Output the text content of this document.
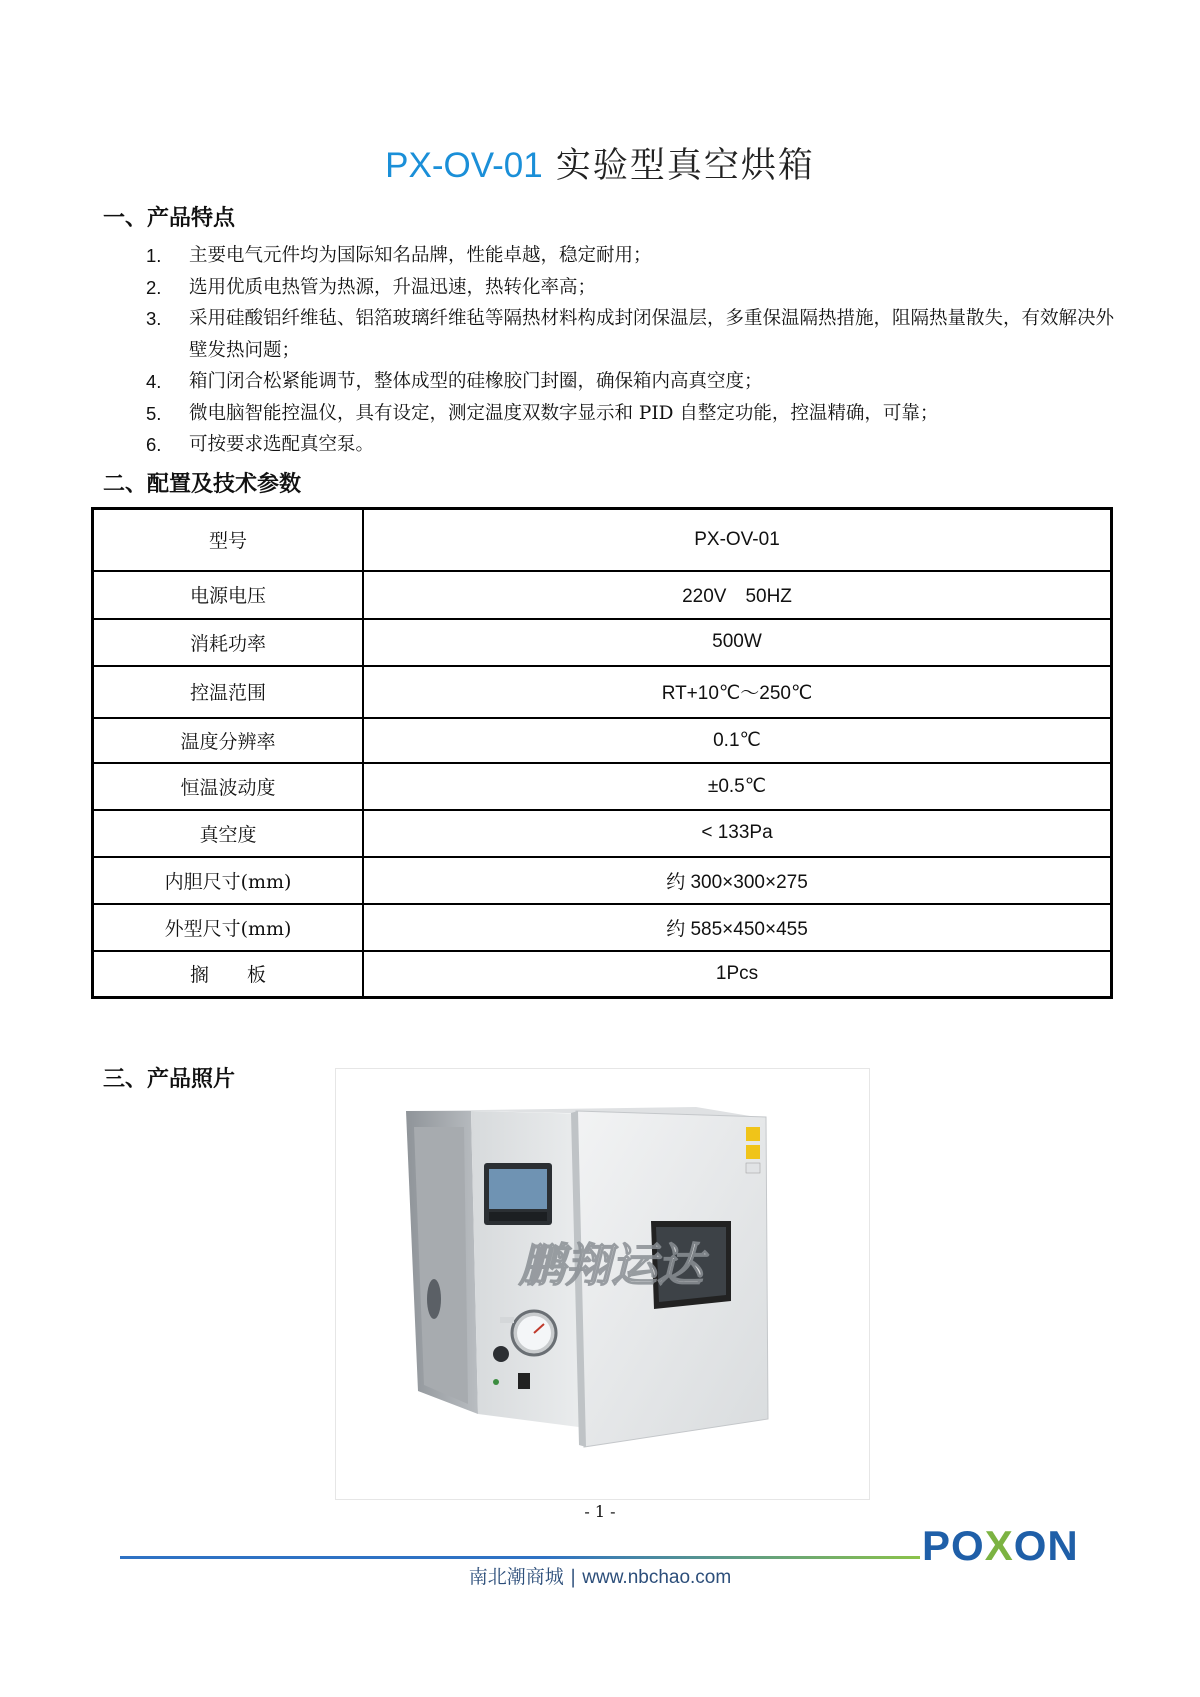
PX-OV-01 实验型真空烘箱
一、产品特点
1. 主要电气元件均为国际知名品牌，性能卓越，稳定耐用；
2. 选用优质电热管为热源，升温迅速，热转化率高；
3. 采用硅酸铝纤维毡、铝箔玻璃纤维毡等隔热材料构成封闭保温层，多重保温隔热措施，阻隔热量散失，有效解决外壁发热问题；
4. 箱门闭合松紧能调节，整体成型的硅橡胶门封圈，确保箱内高真空度；
5. 微电脑智能控温仪，具有设定，测定温度双数字显示和 PID 自整定功能，控温精确，可靠；
6. 可按要求选配真空泵。
二、配置及技术参数
型号	PX-OV-01
电源电压	220V　50HZ
消耗功率	500W
控温范围	RT+10℃～250℃
温度分辨率	0.1℃
恒温波动度	±0.5℃
真空度	< 133Pa
内胆尺寸(mm)	约 300×300×275
外型尺寸(mm)	约 585×450×455
搁　　板	1Pcs
三、产品照片
鹏翔运达
- 1 -
POXON
南北潮商城 | www.nbchao.com
